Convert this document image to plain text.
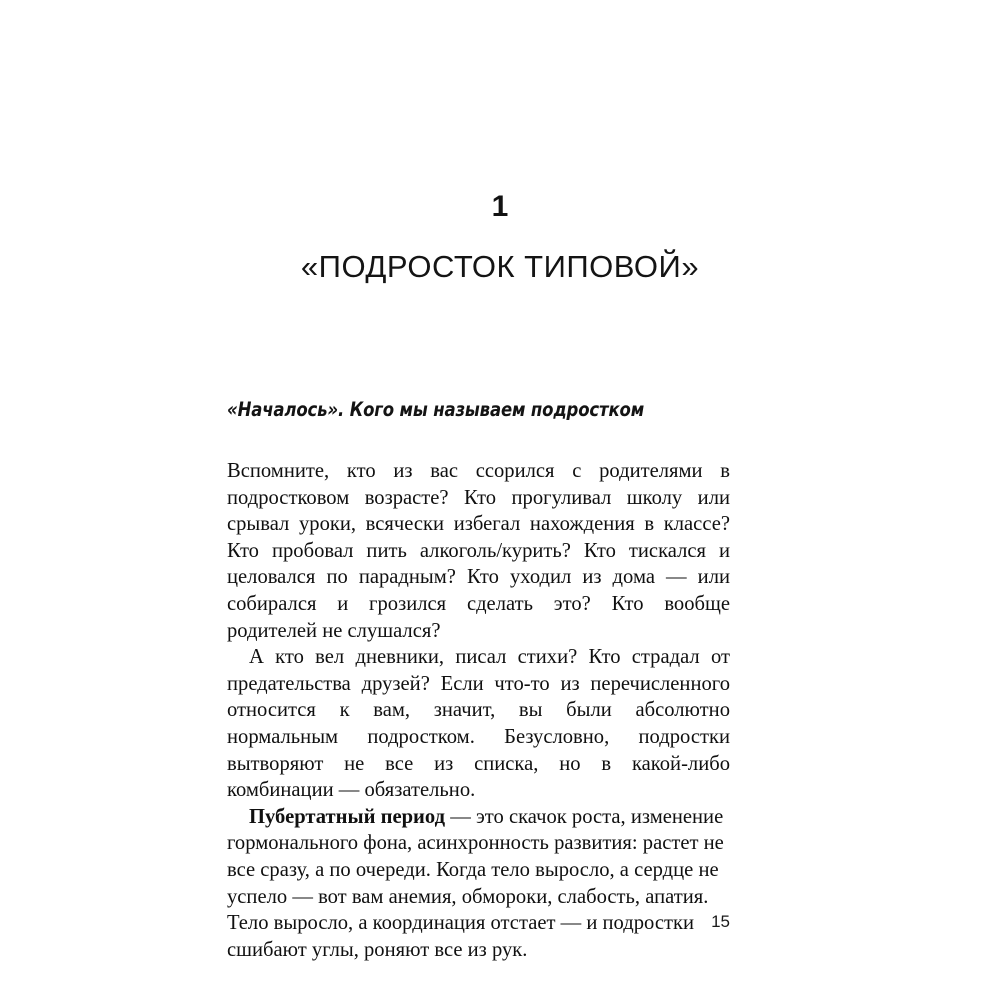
1
«ПОДРОСТОК ТИПОВОЙ»
«Началось». Кого мы называем подростком

Вспомните, кто из вас ссорился с родителями в подростковом возрасте? Кто прогуливал школу или срывал уроки, всячески избегал нахождения в классе? Кто пробовал пить алкоголь/курить? Кто тискался и целовался по парадным? Кто уходил из дома — или собирался и грозился сделать это? Кто вообще родителей не слушался?

А кто вел дневники, писал стихи? Кто страдал от предательства друзей? Если что-то из перечисленного относится к вам, значит, вы были абсолютно нормальным подростком. Безусловно, подростки вытворяют не все из списка, но в какой-либо комбинации — обязательно.

Пубертатный период — это скачок роста, изменение гормонального фона, асинхронность развития: растет не все сразу, а по очереди. Когда тело выросло, а сердце не успело — вот вам анемия, обмороки, слабость, апатия. Тело выросло, а координация отстает — и подростки сшибают углы, роняют все из рук.

15
